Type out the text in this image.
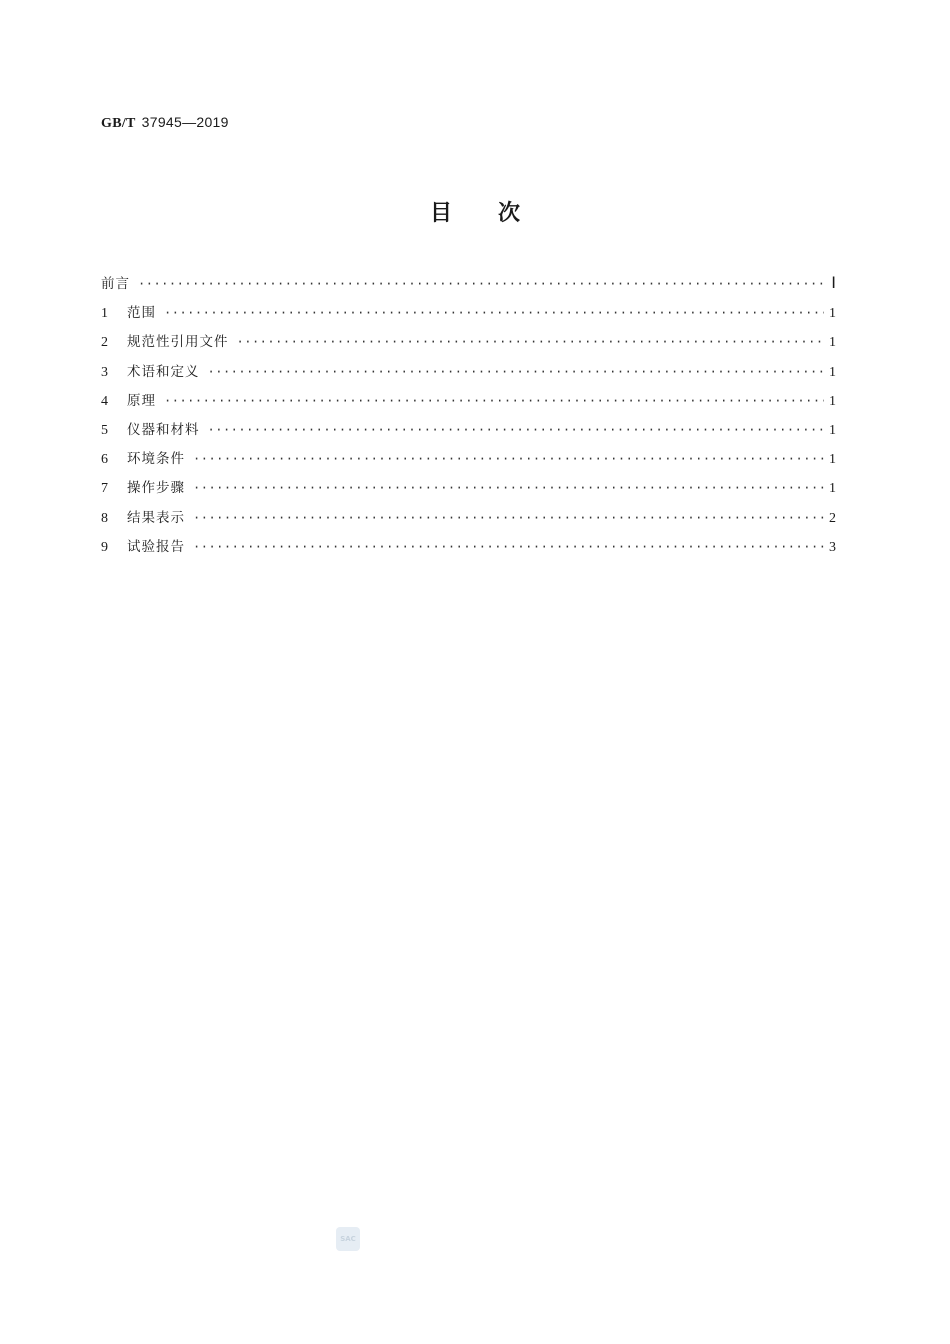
GB/T 37945—2019
目 次
前言 ·····	Ⅰ
1	范围 ·····	1
2	规范性引用文件 ·····	1
3	术语和定义 ·····	1
4	原理 ·····	1
5	仪器和材料 ·····	1
6	环境条件 ·····	1
7	操作步骤 ·····	1
8	结果表示 ·····	2
9	试验报告 ·····	3
SAC
